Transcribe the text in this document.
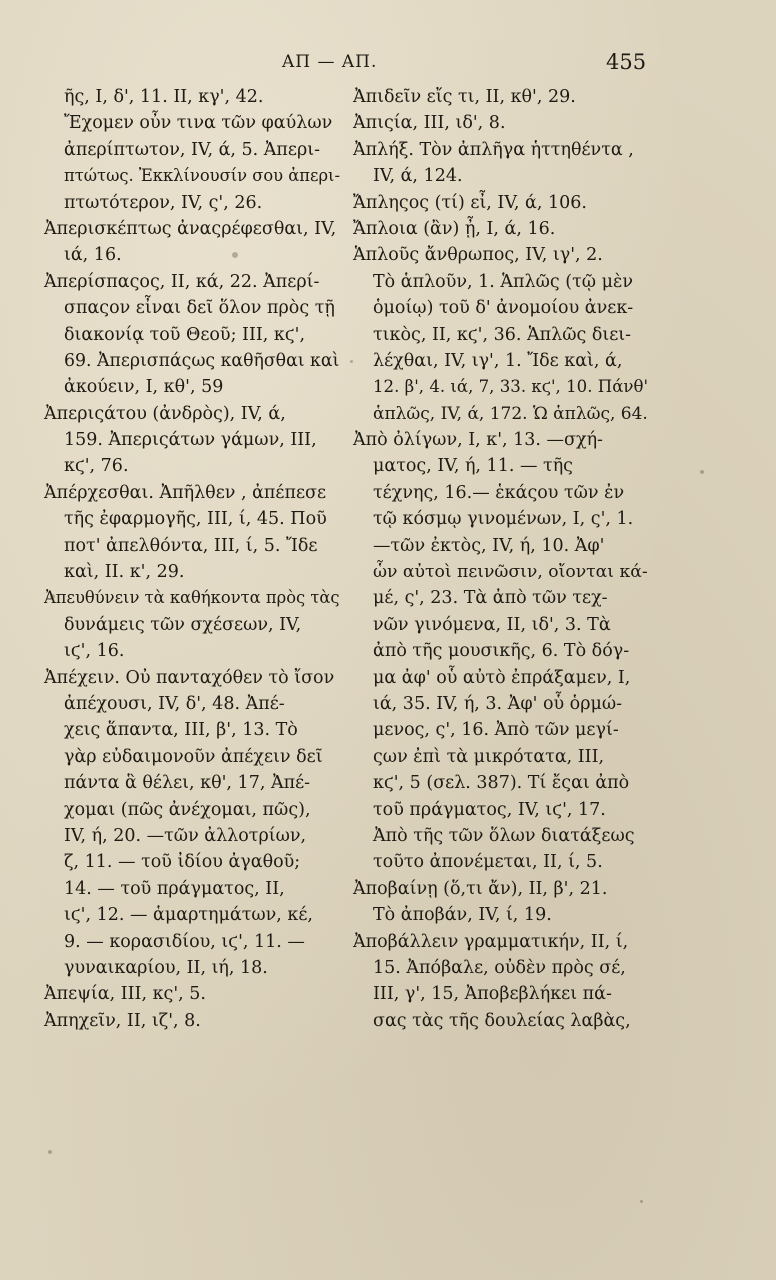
ΑΠ — ΑΠ.	455
ῆς, Ι, δ', 11. ΙΙ, κγ', 42.
Ἔχομεν οὖν τινα τῶν φαύλων
ἀπερίπτωτον, ΙV, ά, 5. Ἀπερι-
πτώτως. Ἐκκλίνουσίν σου ἀπερι-
πτωτότερον, ΙV, ς', 26.
Ἀπερισκέπτως ἀναςρέφεσθαι, ΙV,
ιά, 16.
Ἀπερίσπαςος, ΙΙ, κά, 22. Ἀπερί-
σπαςον εἶναι δεῖ ὅλον πρὸς τῇ
διακονίᾳ τοῦ Θεοῦ; ΙΙΙ, κϛ',
69. Ἀπερισπάςως καθῆσθαι καὶ
ἀκούειν, Ι, κθ', 59
Ἀπεριςάτου (ἀνδρὸς), ΙV, ά,
159. Ἀπεριςάτων γάμων, ΙΙΙ,
κϛ', 76.
Ἀπέρχεσθαι. Ἀπῆλθεν , ἀπέπεσε
τῆς ἐφαρμογῆς, ΙΙΙ, ί, 45. Ποῦ
ποτ' ἀπελθόντα, ΙΙΙ, ί, 5. Ἴδε
καὶ, ΙΙ. κ', 29.
Ἀπευθύνειν τὰ καθήκοντα πρὸς τὰς
δυνάμεις τῶν σχέσεων, ΙV,
ιϛ', 16.
Ἀπέχειν. Οὐ πανταχόθεν τὸ ἴσον
ἀπέχουσι, ΙV, δ', 48. Ἀπέ-
χεις ἅπαντα, ΙΙΙ, β', 13. Τὸ
γὰρ εὐδαιμονοῦν ἀπέχειν δεῖ
πάντα ἃ θέλει, κθ', 17, Ἀπέ-
χομαι (πῶς ἀνέχομαι, πῶς),
ΙV, ή, 20. —τῶν ἀλλοτρίων,
ζ, 11. — τοῦ ἰδίου ἀγαθοῦ;
14. — τοῦ πράγματος, ΙΙ,
ιϛ', 12. — ἁμαρτημάτων, κέ,
9. — κορασιδίου, ιϛ', 11. —
γυναικαρίου, ΙΙ, ιή, 18.
Ἀπεψία, ΙΙΙ, κς', 5.
Ἀπηχεῖν, ΙΙ, ιζ', 8.
Ἀπιδεῖν εἴς τι, ΙΙ, κθ', 29.
Ἀπιςία, ΙΙΙ, ιδ', 8.
Ἀπλήξ. Τὸν ἀπλῆγα ἡττηθέντα ,
ΙV, ά, 124.
Ἄπληςος (τί) εἶ, ΙV, ά, 106.
Ἄπλοια (ἂν) ᾖ, Ι, ά, 16.
Ἁπλοῦς ἄνθρωπος, ΙV, ιγ', 2.
Τὸ ἁπλοῦν, 1. Ἁπλῶς (τῷ μὲν
ὁμοίῳ) τοῦ δ' ἀνομοίου ἀνεκ-
τικὸς, ΙΙ, κϛ', 36. Ἁπλῶς διει-
λέχθαι, ΙV, ιγ', 1. Ἴδε καὶ, ά,
12. β', 4. ιά, 7, 33. κϛ', 10. Πάνθ'
ἁπλῶς, ΙV, ά, 172. Ὡ ἁπλῶς, 64.
Ἀπὸ ὀλίγων, Ι, κ', 13. —σχή-
ματος, ΙV, ή, 11. — τῆς
τέχνης, 16.— ἑκάςου τῶν ἐν
τῷ κόσμῳ γινομένων, Ι, ς', 1.
—τῶν ἐκτὸς, ΙV, ή, 10. Ἀφ'
ὧν αὐτοὶ πεινῶσιν, οἴονται κά-
μέ, ς', 23. Τὰ ἀπὸ τῶν τεχ-
νῶν γινόμενα, ΙΙ, ιδ', 3. Τὰ
ἀπὸ τῆς μουσικῆς, 6. Τὸ δόγ-
μα ἀφ' οὗ αὐτὸ ἐπράξαμεν, Ι,
ιά, 35. ΙV, ή, 3. Ἀφ' οὗ ὁρμώ-
μενος, ς', 16. Ἀπὸ τῶν μεγί-
ςων ἐπὶ τὰ μικρότατα, ΙΙΙ,
κϛ', 5 (σελ. 387). Τί ἔςαι ἀπὸ
τοῦ πράγματος, ΙV, ιϛ', 17.
Ἀπὸ τῆς τῶν ὅλων διατάξεως
τοῦτο ἀπονέμεται, ΙΙ, ί, 5.
Ἀποβαίνῃ (ὅ,τι ἄν), ΙΙ, β', 21.
Τὸ ἀποβάν, ΙV, ί, 19.
Ἀποβάλλειν γραμματικήν, ΙΙ, ί,
15. Ἀπόβαλε, οὐδὲν πρὸς σέ,
ΙΙΙ, γ', 15, Ἀποβεβλήκει πά-
σας τὰς τῆς δουλείας λαβὰς,
